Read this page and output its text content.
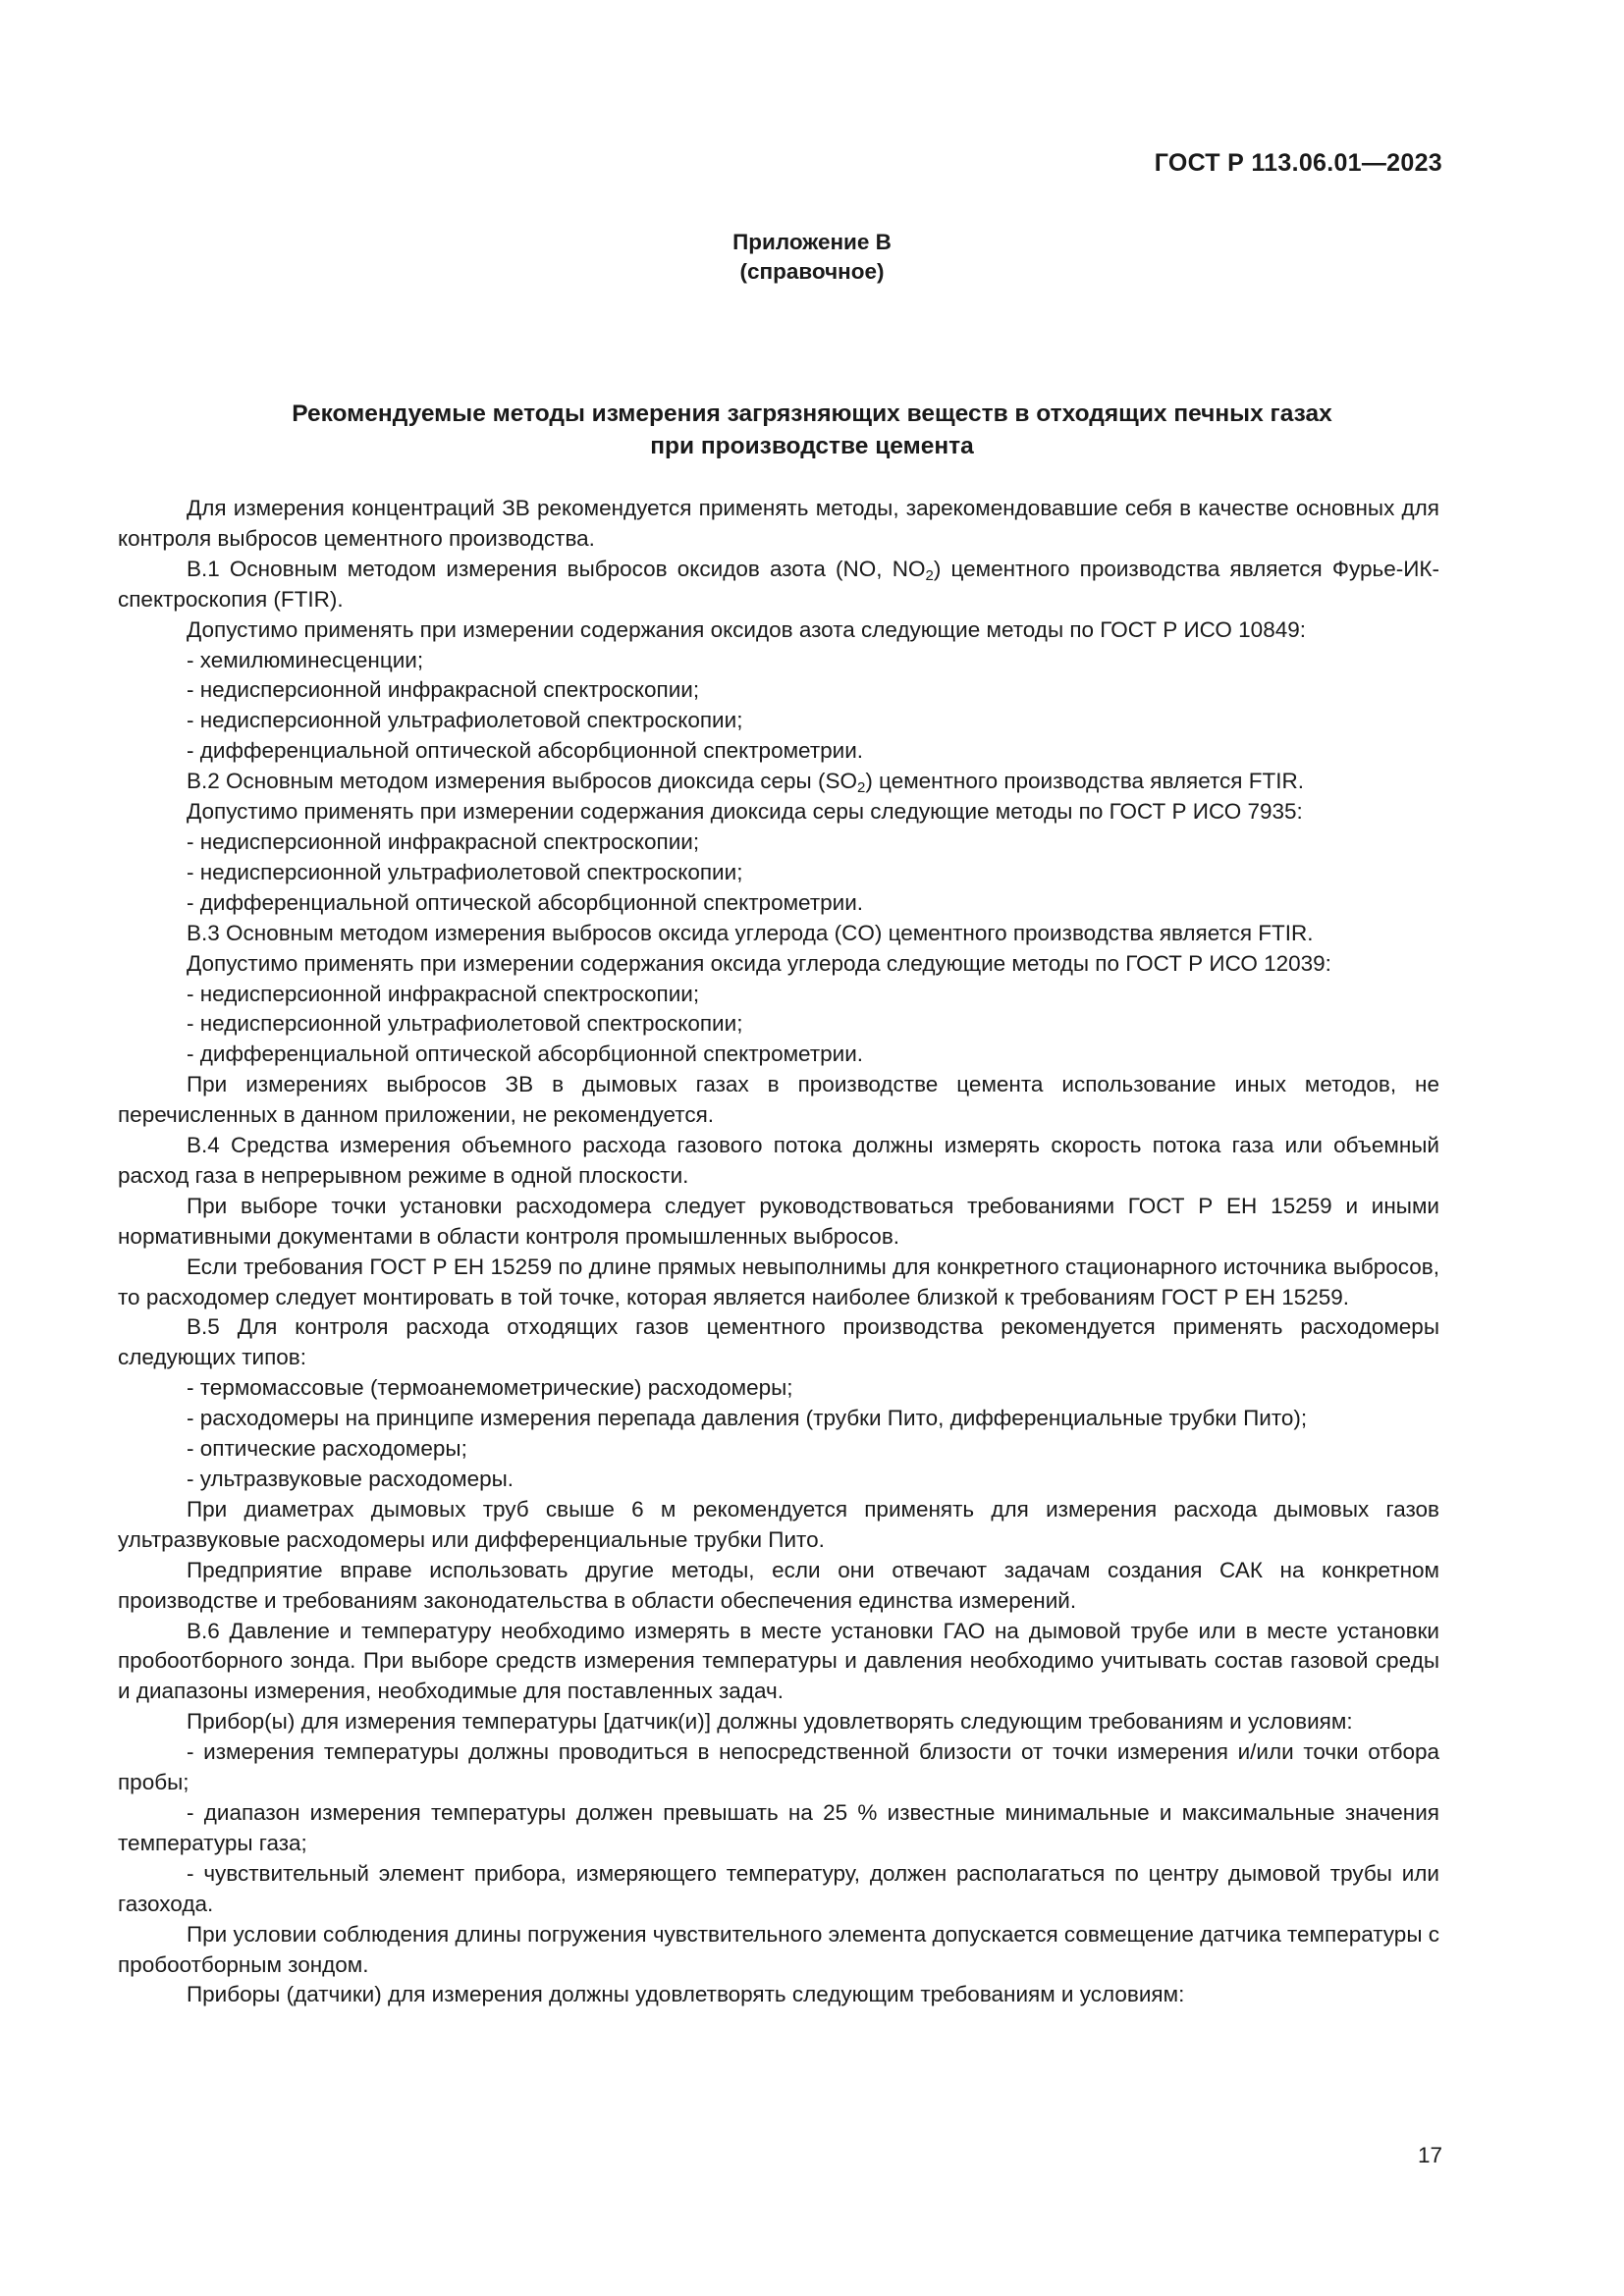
ГОСТ Р 113.06.01—2023
Приложение В
(справочное)
Рекомендуемые методы измерения загрязняющих веществ в отходящих печных газах
при производстве цемента

Для измерения концентраций ЗВ рекомендуется применять методы, зарекомендовавшие себя в качестве основных для контроля выбросов цементного производства.

В.1 Основным методом измерения выбросов оксидов азота (NO, $NO_2$) цементного производства является Фурье-ИК-спектроскопия (FTIR).

Допустимо применять при измерении содержания оксидов азота следующие методы по ГОСТ Р ИСО 10849:

- хемилюминесценции;

- недисперсионной инфракрасной спектроскопии;

- недисперсионной ультрафиолетовой спектроскопии;

- дифференциальной оптической абсорбционной спектрометрии.

В.2 Основным методом измерения выбросов диоксида серы $(SO_2)$ цементного производства является FTIR.

Допустимо применять при измерении содержания диоксида серы следующие методы по ГОСТ Р ИСО 7935:

- недисперсионной инфракрасной спектроскопии;

- недисперсионной ультрафиолетовой спектроскопии;

- дифференциальной оптической абсорбционной спектрометрии.

В.3 Основным методом измерения выбросов оксида углерода (CO) цементного производства является FTIR.

Допустимо применять при измерении содержания оксида углерода следующие методы по ГОСТ Р ИСО 12039:

- недисперсионной инфракрасной спектроскопии;

- недисперсионной ультрафиолетовой спектроскопии;

- дифференциальной оптической абсорбционной спектрометрии.

При измерениях выбросов ЗВ в дымовых газах в производстве цемента использование иных методов, не перечисленных в данном приложении, не рекомендуется.

В.4 Средства измерения объемного расхода газового потока должны измерять скорость потока газа или объемный расход газа в непрерывном режиме в одной плоскости.

При выборе точки установки расходомера следует руководствоваться требованиями ГОСТ Р ЕН 15259 и иными нормативными документами в области контроля промышленных выбросов.

Если требования ГОСТ Р ЕН 15259 по длине прямых невыполнимы для конкретного стационарного источника выбросов, то расходомер следует монтировать в той точке, которая является наиболее близкой к требованиям ГОСТ Р ЕН 15259.

В.5 Для контроля расхода отходящих газов цементного производства рекомендуется применять расходомеры следующих типов:

- термомассовые (термоанемометрические) расходомеры;

- расходомеры на принципе измерения перепада давления (трубки Пито, дифференциальные трубки Пито);

- оптические расходомеры;

- ультразвуковые расходомеры.

При диаметрах дымовых труб свыше 6 м рекомендуется применять для измерения расхода дымовых газов ультразвуковые расходомеры или дифференциальные трубки Пито.

Предприятие вправе использовать другие методы, если они отвечают задачам создания САК на конкретном производстве и требованиям законодательства в области обеспечения единства измерений.

В.6 Давление и температуру необходимо измерять в месте установки ГАО на дымовой трубе или в месте установки пробоотборного зонда. При выборе средств измерения температуры и давления необходимо учитывать состав газовой среды и диапазоны измерения, необходимые для поставленных задач.

Прибор(ы) для измерения температуры [датчик(и)] должны удовлетворять следующим требованиям и условиям:

- измерения температуры должны проводиться в непосредственной близости от точки измерения и/или точки отбора пробы;

- диапазон измерения температуры должен превышать на 25 % известные минимальные и максимальные значения температуры газа;

- чувствительный элемент прибора, измеряющего температуру, должен располагаться по центру дымовой трубы или газохода.

При условии соблюдения длины погружения чувствительного элемента допускается совмещение датчика температуры с пробоотборным зондом.

Приборы (датчики) для измерения должны удовлетворять следующим требованиям и условиям:

17
